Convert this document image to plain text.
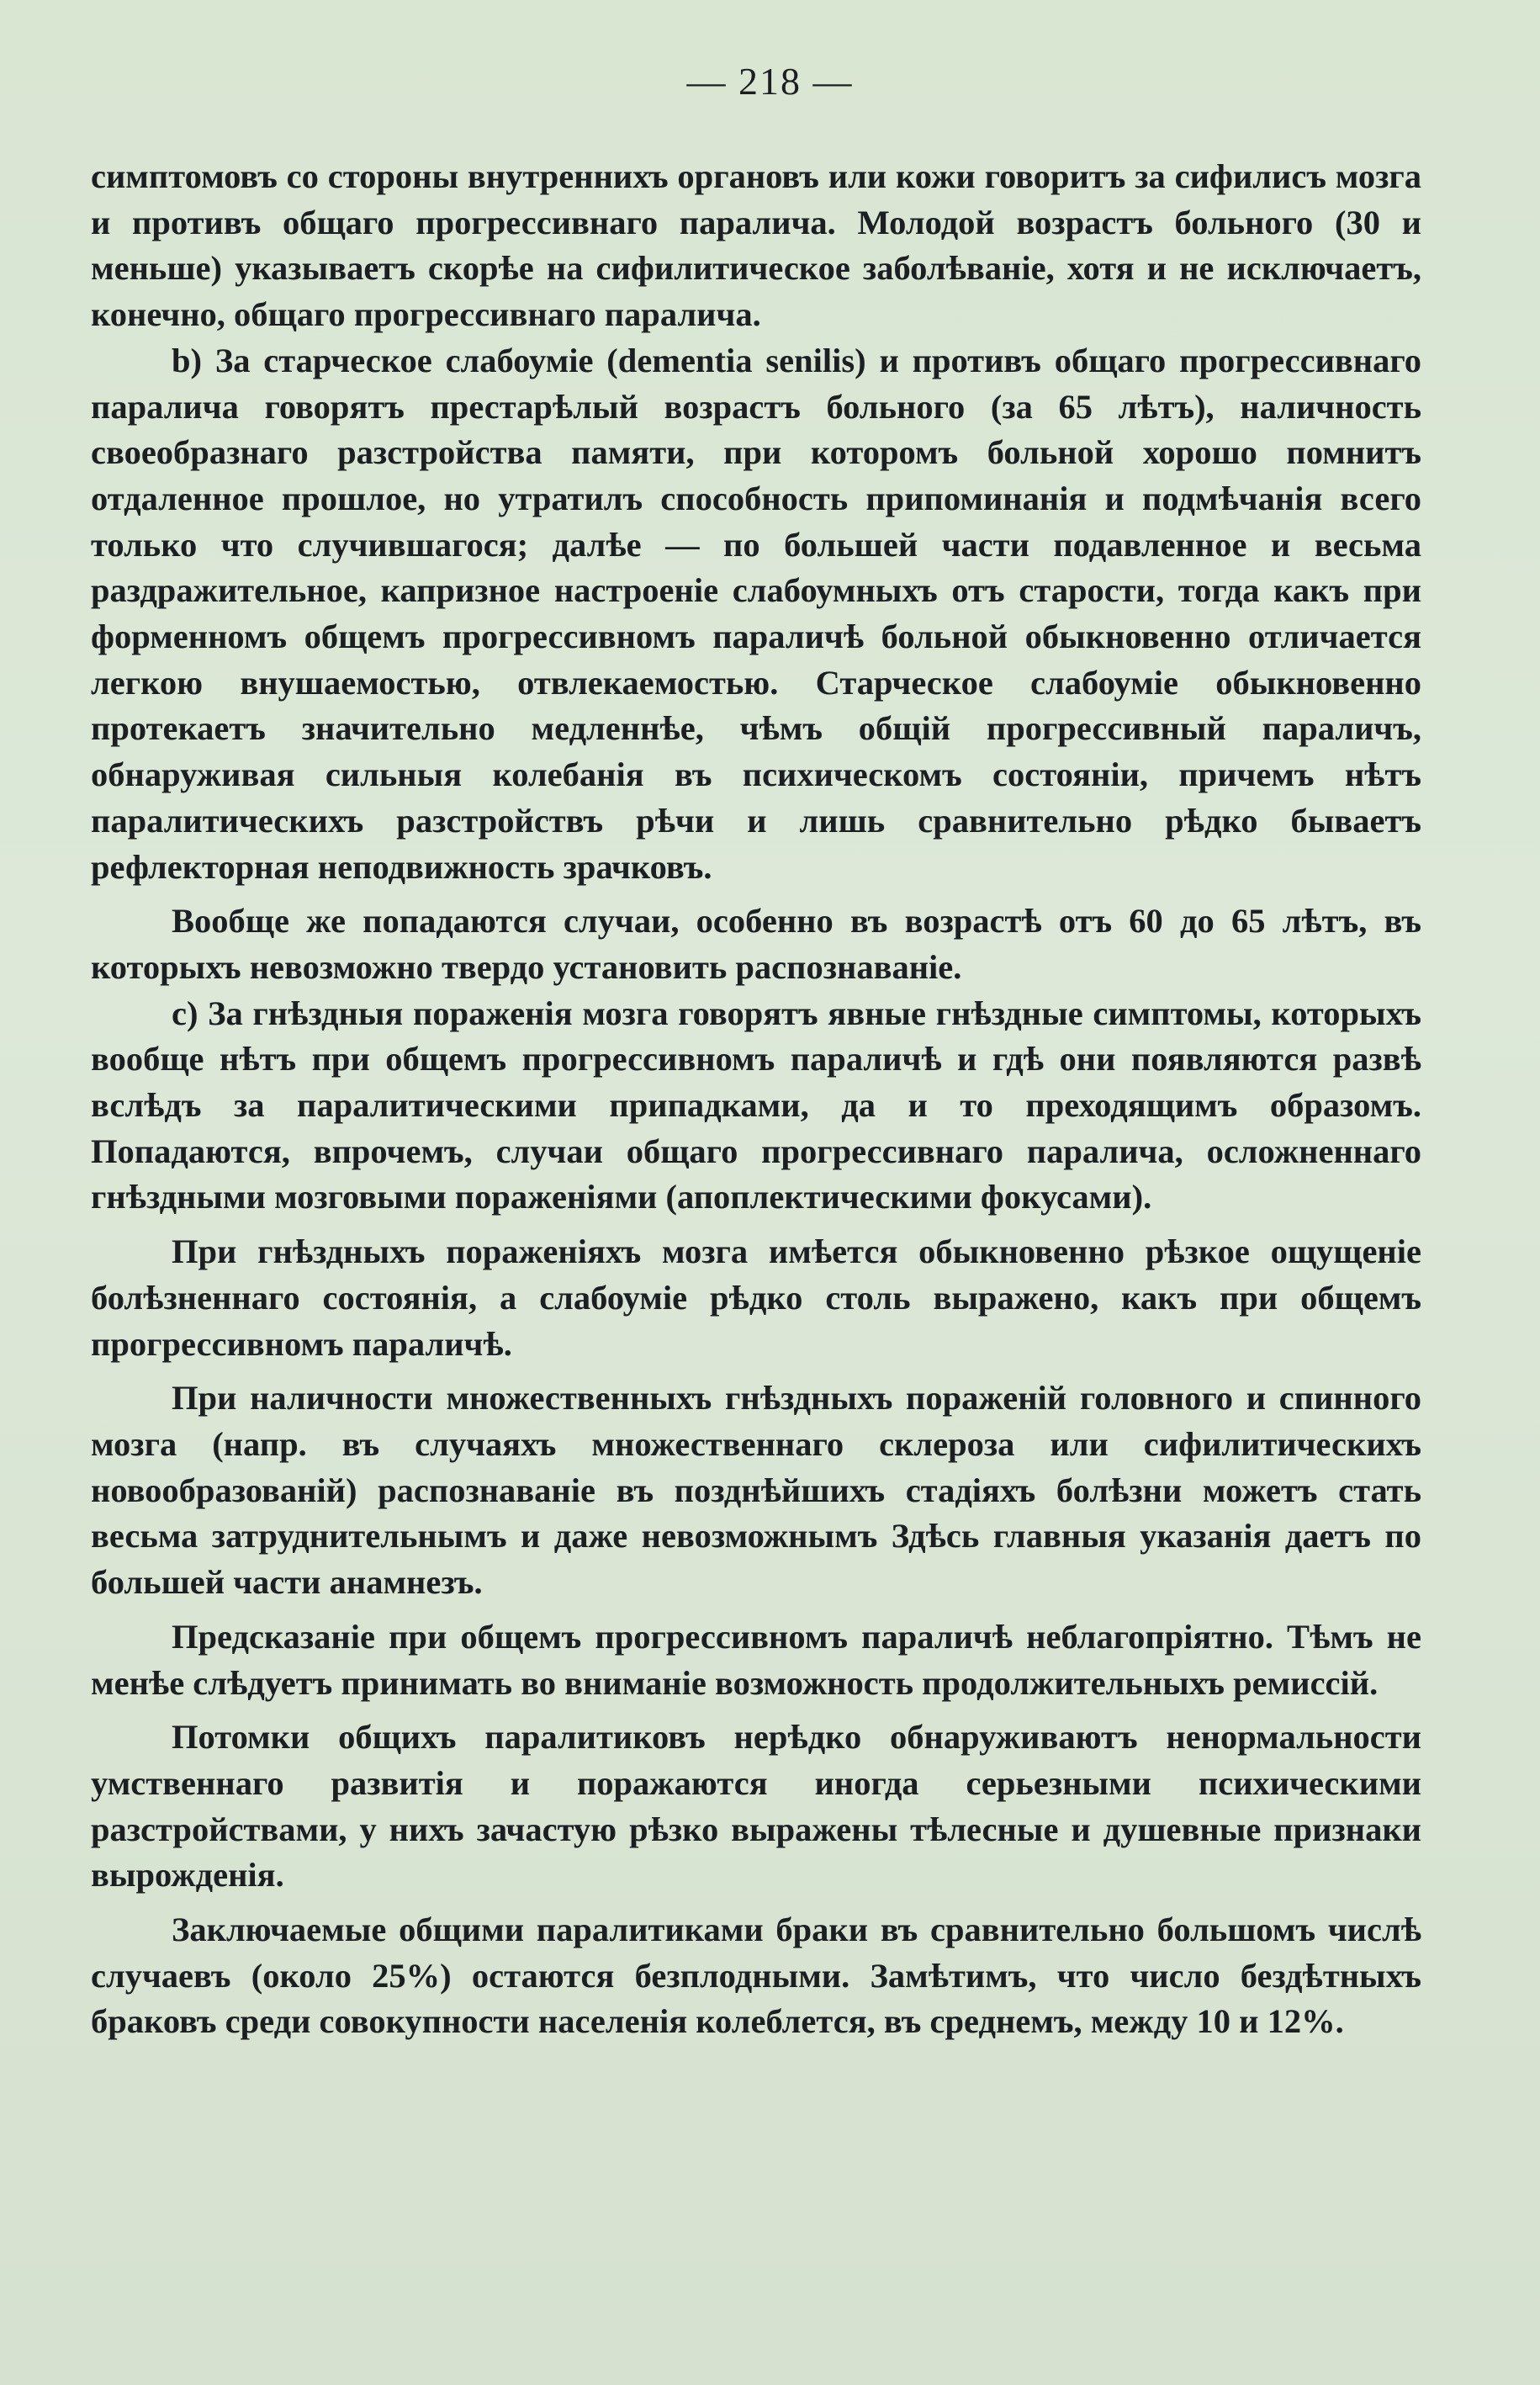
— 218 —

симптомовъ со стороны внутреннихъ органовъ или кожи говоритъ за сифилисъ мозга и противъ общаго прогрессивнаго паралича. Молодой возрастъ больного (30 и меньше) указываетъ скорѣе на сифилитическое заболѣваніе, хотя и не исключаетъ, конечно, общаго прогрессивнаго паралича.

b) За старческое слабоуміе (dementia senilis) и противъ общаго прогрессивнаго паралича говорятъ престарѣлый возрастъ больного (за 65 лѣтъ), наличность своеобразнаго разстройства памяти, при которомъ больной хорошо помнитъ отдаленное прошлое, но утратилъ способность припоминанія и подмѣчанія всего только что случившагося; далѣе — по большей части подавленное и весьма раздражительное, капризное настроеніе слабоумныхъ отъ старости, тогда какъ при форменномъ общемъ прогрессивномъ параличѣ больной обыкновенно отличается легкою внушаемостью, отвлекаемостью. Старческое слабоуміе обыкновенно протекаетъ значительно медленнѣе, чѣмъ общій прогрессивный параличъ, обнаруживая сильныя колебанія въ психическомъ состояніи, причемъ нѣтъ паралитическихъ разстройствъ рѣчи и лишь сравнительно рѣдко бываетъ рефлекторная неподвижность зрачковъ.

Вообще же попадаются случаи, особенно въ возрастѣ отъ 60 до 65 лѣтъ, въ которыхъ невозможно твердо установить распознаваніе.

c) За гнѣздныя пораженія мозга говорятъ явные гнѣздные симптомы, которыхъ вообще нѣтъ при общемъ прогрессивномъ параличѣ и гдѣ они появляются развѣ вслѣдъ за паралитическими припадками, да и то преходящимъ образомъ. Попадаются, впрочемъ, случаи общаго прогрессивнаго паралича, осложненнаго гнѣздными мозговыми пораженіями (апоплектическими фокусами).

При гнѣздныхъ пораженіяхъ мозга имѣется обыкновенно рѣзкое ощущеніе болѣзненнаго состоянія, а слабоуміе рѣдко столь выражено, какъ при общемъ прогрессивномъ параличѣ.

При наличности множественныхъ гнѣздныхъ пораженій головного и спинного мозга (напр. въ случаяхъ множественнаго склероза или сифилитическихъ новообразованій) распознаваніе въ позднѣйшихъ стадіяхъ болѣзни можетъ стать весьма затруднительнымъ и даже невозможнымъ Здѣсь главныя указанія даетъ по большей части анамнезъ.

Предсказаніе при общемъ прогрессивномъ параличѣ неблагопріятно. Тѣмъ не менѣе слѣдуетъ принимать во вниманіе возможность продолжительныхъ ремиссій.

Потомки общихъ паралитиковъ нерѣдко обнаруживаютъ ненормальности умственнаго развитія и поражаются иногда серьезными психическими разстройствами, у нихъ зачастую рѣзко выражены тѣлесные и душевные признаки вырожденія.

Заключаемые общими паралитиками браки въ сравнительно большомъ числѣ случаевъ (около 25%) остаются безплодными. Замѣтимъ, что число бездѣтныхъ браковъ среди совокупности населенія колеблется, въ среднемъ, между 10 и 12%.
